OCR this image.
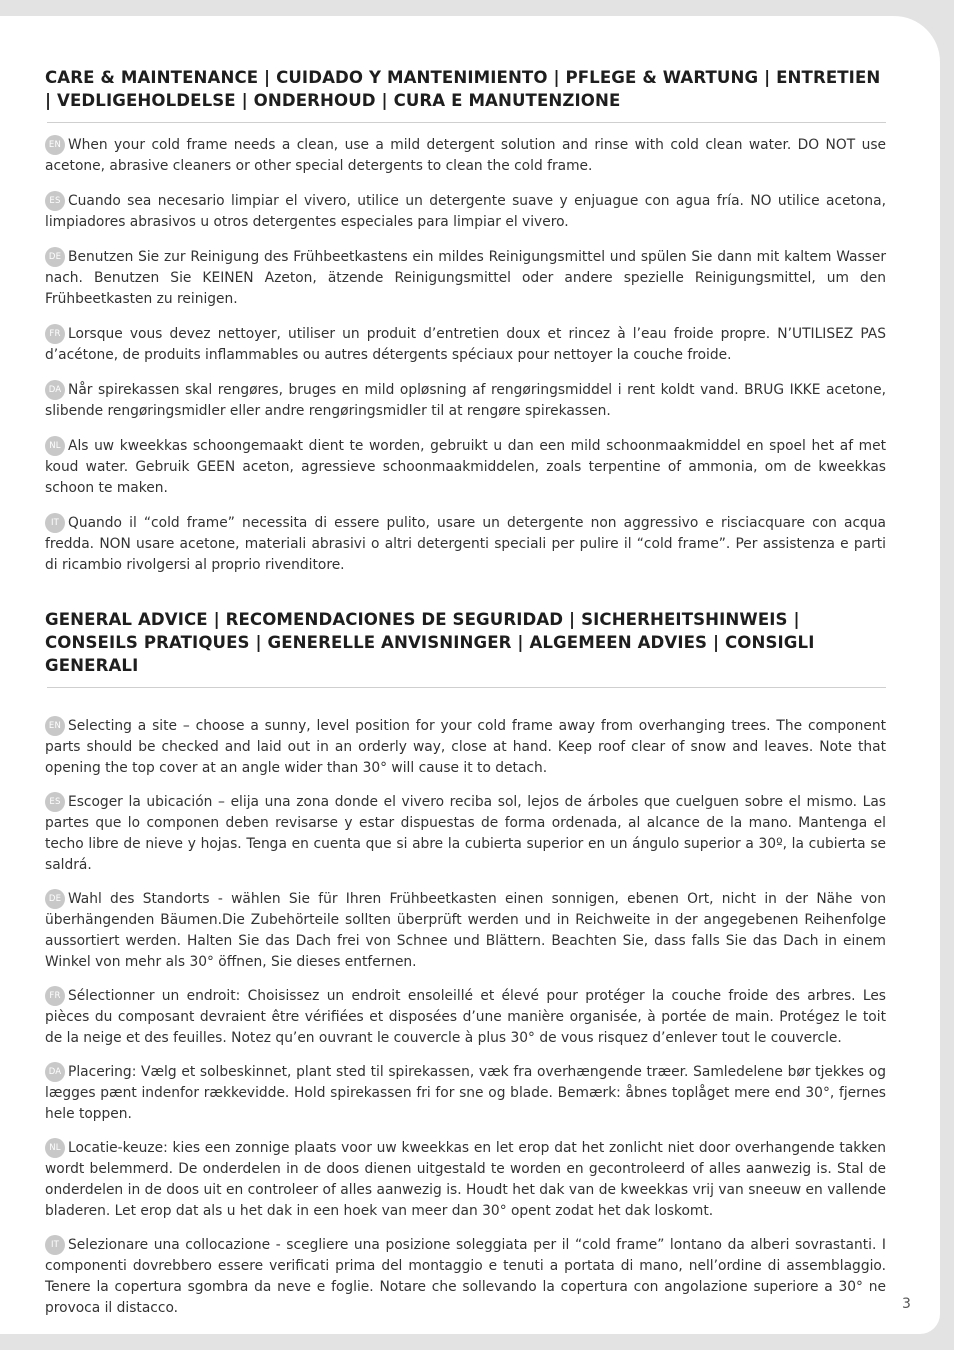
CARE & MAINTENANCE | CUIDADO Y MANTENIMIENTO | PFLEGE & WARTUNG | ENTRETIEN | VEDLIGEHOLDELSE | ONDERHOUD | CURA E MANUTENZIONE

EN When your cold frame needs a clean, use a mild detergent solution and rinse with cold clean water. DO NOT use acetone, abrasive cleaners or other special detergents to clean the cold frame.

ES Cuando sea necesario limpiar el vivero, utilice un detergente suave y enjuague con agua fría. NO utilice acetona, limpiadores abrasivos u otros detergentes especiales para limpiar el vivero.

DE Benutzen Sie zur Reinigung des Frühbeetkastens ein mildes Reinigungsmittel und spülen Sie dann mit kaltem Wasser nach. Benutzen Sie KEINEN Azeton, ätzende Reinigungsmittel oder andere spezielle Reinigungsmittel, um den Frühbeetkasten zu reinigen.

FR Lorsque vous devez nettoyer, utiliser un produit d’entretien doux et rincez à l’eau froide propre. N’UTILISEZ PAS d’acétone, de produits inflammables ou autres détergents spéciaux pour nettoyer la couche froide.

DA Når spirekassen skal rengøres, bruges en mild opløsning af rengøringsmiddel i rent koldt vand. BRUG IKKE acetone, slibende rengøringsmidler eller andre rengøringsmidler til at rengøre spirekassen.

NL Als uw kweekkas schoongemaakt dient te worden, gebruikt u dan een mild schoonmaakmiddel en spoel het af met koud water. Gebruik GEEN aceton, agressieve schoonmaakmiddelen, zoals terpentine of ammonia, om de kweekkas schoon te maken.

IT Quando il “cold frame” necessita di essere pulito, usare un detergente non aggressivo e risciacquare con acqua fredda. NON usare acetone, materiali abrasivi o altri detergenti speciali per pulire il “cold frame”. Per assistenza e parti di ricambio rivolgersi al proprio rivenditore.

GENERAL ADVICE | RECOMENDACIONES DE SEGURIDAD | SICHERHEITSHINWEIS | CONSEILS PRATIQUES | GENERELLE ANVISNINGER | ALGEMEEN ADVIES | CONSIGLI GENERALI

EN Selecting a site – choose a sunny, level position for your cold frame away from overhanging trees. The component parts should be checked and laid out in an orderly way, close at hand. Keep roof clear of snow and leaves. Note that opening the top cover at an angle wider than 30° will cause it to detach.

ES Escoger la ubicación – elija una zona donde el vivero reciba sol, lejos de árboles que cuelguen sobre el mismo. Las partes que lo componen deben revisarse y estar dispuestas de forma ordenada, al alcance de la mano. Mantenga el techo libre de nieve y hojas. Tenga en cuenta que si abre la cubierta superior en un ángulo superior a 30º, la cubierta se saldrá.

DE Wahl des Standorts - wählen Sie für Ihren Frühbeetkasten einen sonnigen, ebenen Ort, nicht in der Nähe von überhängenden Bäumen.Die Zubehörteile sollten überprüft werden und in Reichweite in der angegebenen Reihenfolge aussortiert werden. Halten Sie das Dach frei von Schnee und Blättern. Beachten Sie, dass falls Sie das Dach in einem Winkel von mehr als 30° öffnen, Sie dieses entfernen.

FR Sélectionner un endroit: Choisissez un endroit ensoleillé et élevé pour protéger la couche froide des arbres. Les pièces du composant devraient être vérifiées et disposées d’une manière organisée, à portée de main. Protégez le toit de la neige et des feuilles. Notez qu’en ouvrant le couvercle à plus 30° de vous risquez d’enlever tout le couvercle.

DA Placering: Vælg et solbeskinnet, plant sted til spirekassen, væk fra overhængende træer. Samledelene bør tjekkes og lægges pænt indenfor rækkevidde. Hold spirekassen fri for sne og blade. Bemærk: åbnes toplåget mere end 30°, fjernes hele toppen.

NL Locatie-keuze: kies een zonnige plaats voor uw kweekkas en let erop dat het zonlicht niet door overhangende takken wordt belemmerd. De onderdelen in de doos dienen uitgestald te worden en gecontroleerd of alles aanwezig is. Stal de onderdelen in de doos uit en controleer of alles aanwezig is. Houdt het dak van de kweekkas vrij van sneeuw en vallende bladeren. Let erop dat als u het dak in een hoek van meer dan 30° opent zodat het dak loskomt.

IT Selezionare una collocazione - scegliere una posizione soleggiata per il “cold frame” lontano da alberi sovrastanti. I componenti dovrebbero essere verificati prima del montaggio e tenuti a portata di mano, nell’ordine di assemblaggio. Tenere la copertura sgombra da neve e foglie. Notare che sollevando la copertura con angolazione superiore a 30° ne provoca il distacco.	3
